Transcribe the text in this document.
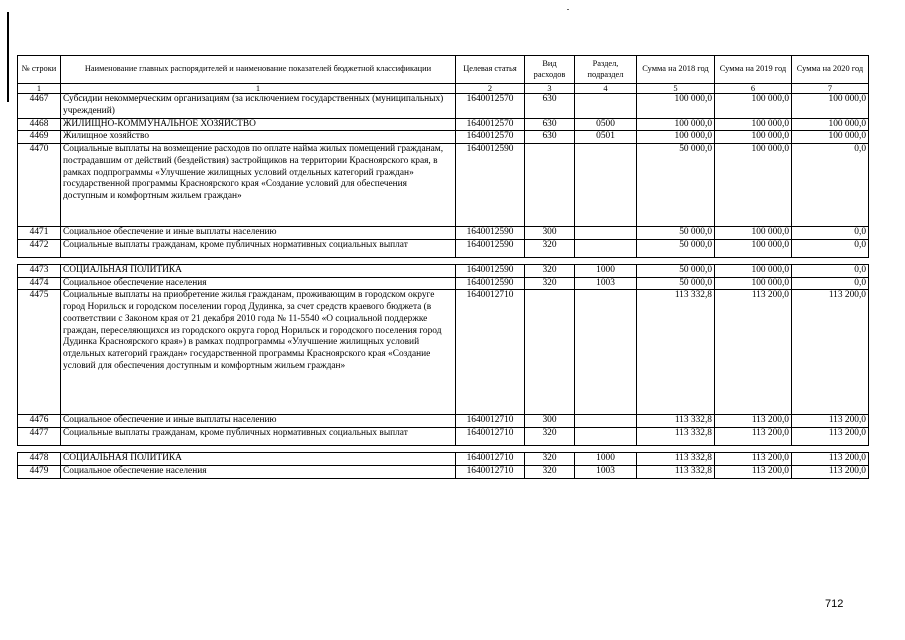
№ строки	Наименование главных распорядителей и наименование показателей бюджетной классификации	Целевая статья	Вид расходов	Раздел, подраздел	Сумма на 2018 год	Сумма на 2019 год	Сумма на 2020 год
1	1	2	3	4	5	6	7
4467	Субсидии некоммерческим организациям (за исключением государственных (муниципальных) учреждений)	1640012570	630		100 000,0	100 000,0	100 000,0
4468	ЖИЛИЩНО-КОММУНАЛЬНОЕ ХОЗЯЙСТВО	1640012570	630	0500	100 000,0	100 000,0	100 000,0
4469	Жилищное хозяйство	1640012570	630	0501	100 000,0	100 000,0	100 000,0
4470	Социальные выплаты на возмещение расходов по оплате найма жилых помещений гражданам, пострадавшим от действий (бездействия) застройщиков на территории Красноярского края, в рамках подпрограммы «Улучшение жилищных условий отдельных категорий граждан» государственной программы Красноярского края «Создание условий для обеспечения доступным и комфортным жильем граждан»	1640012590			50 000,0	100 000,0	0,0
4471	Социальное обеспечение и иные выплаты населению	1640012590	300		50 000,0	100 000,0	0,0
4472	Социальные выплаты гражданам, кроме публичных нормативных социальных выплат	1640012590	320		50 000,0	100 000,0	0,0

4473	СОЦИАЛЬНАЯ ПОЛИТИКА	1640012590	320	1000	50 000,0	100 000,0	0,0
4474	Социальное обеспечение населения	1640012590	320	1003	50 000,0	100 000,0	0,0
4475	Социальные выплаты на приобретение жилья гражданам, проживающим в городском округе город Норильск и городском поселении город Дудинка, за счет средств краевого бюджета (в соответствии с Законом края от 21 декабря 2010 года № 11-5540 «О социальной поддержке граждан, переселяющихся из городского округа город Норильск и городского поселения город Дудинка Красноярского края») в рамках подпрограммы «Улучшение жилищных условий отдельных категорий граждан» государственной программы Красноярского края «Создание условий для обеспечения доступным и комфортным жильем граждан»	1640012710			113 332,8	113 200,0	113 200,0
4476	Социальное обеспечение и иные выплаты населению	1640012710	300		113 332,8	113 200,0	113 200,0
4477	Социальные выплаты гражданам, кроме публичных нормативных социальных выплат	1640012710	320		113 332,8	113 200,0	113 200,0

4478	СОЦИАЛЬНАЯ ПОЛИТИКА	1640012710	320	1000	113 332,8	113 200,0	113 200,0
4479	Социальное обеспечение населения	1640012710	320	1003	113 332,8	113 200,0	113 200,0
712
